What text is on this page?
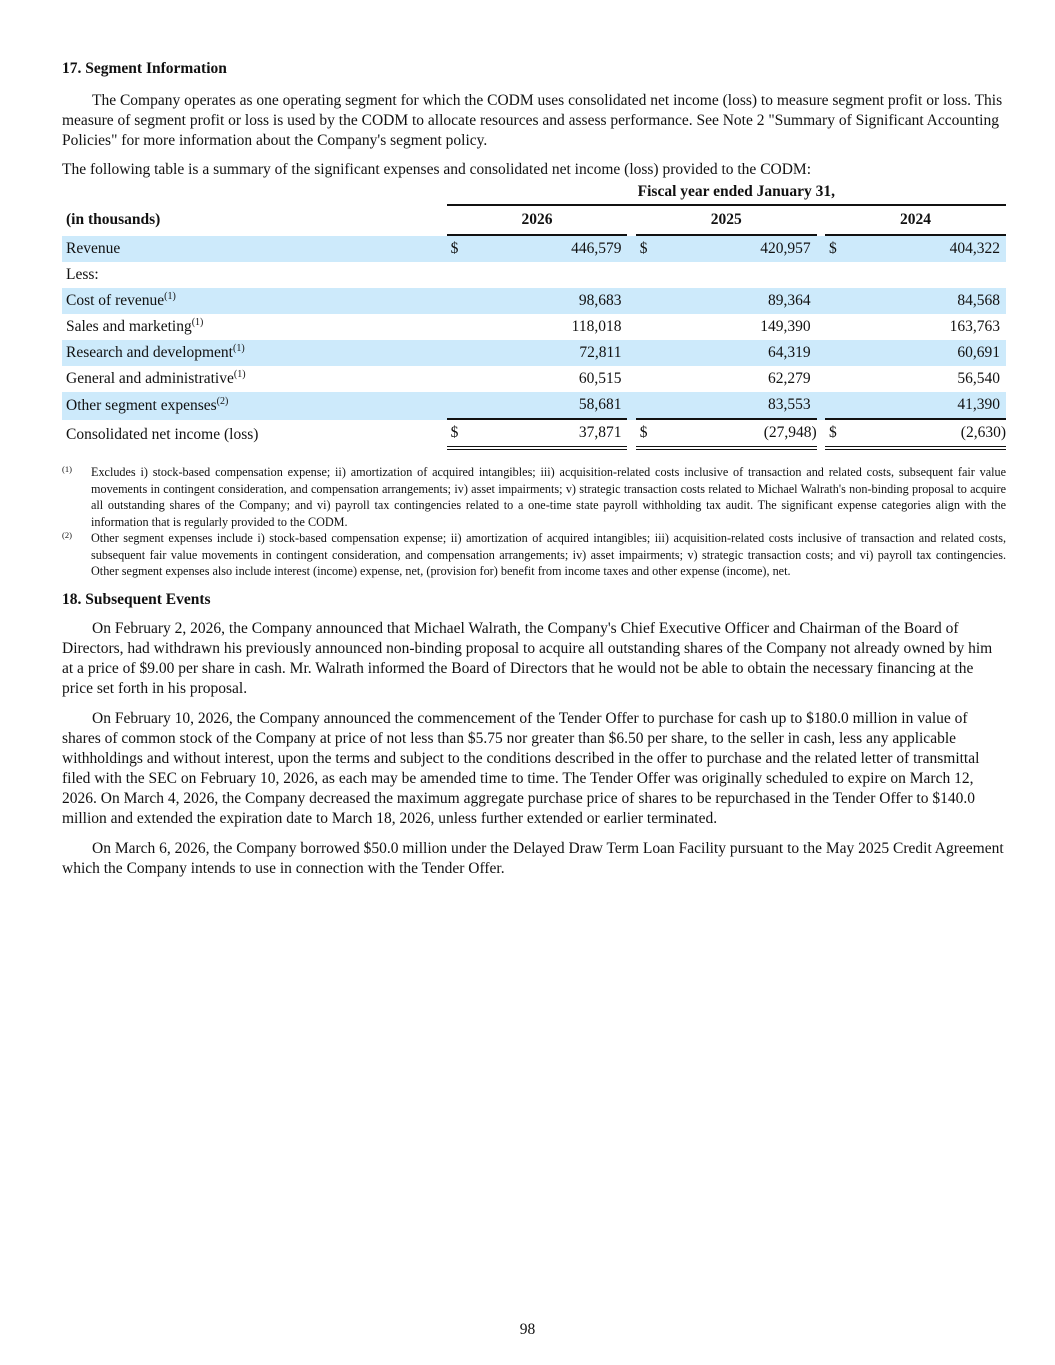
17. Segment Information

The Company operates as one operating segment for which the CODM uses consolidated net income (loss) to measure segment profit or loss. This measure of segment profit or loss is used by the CODM to allocate resources and assess performance. See Note 2 "Summary of Significant Accounting Policies" for more information about the Company's segment policy.

The following table is a summary of the significant expenses and consolidated net income (loss) provided to the CODM:

	Fiscal year ended January 31,							
(in thousands)	2026			2025			2024	
Revenue	$	446,579		$	420,957		$	404,322
Less:								
Cost of revenue$^{(1)}$		98,683			89,364			84,568
Sales and marketing$^{(1)}$		118,018			149,390			163,763
Research and development$^{(1)}$		72,811			64,319			60,691
General and administrative$^{(1)}$		60,515			62,279			56,540
Other segment expenses$^{(2)}$		58,681			83,553			41,390
Consolidated net income (loss)	$	37,871		$	(27,948)		$	(2,630)
(1) Excludes i) stock-based compensation expense; ii) amortization of acquired intangibles; iii) acquisition-related costs inclusive of transaction and related costs, subsequent fair value movements in contingent consideration, and compensation arrangements; iv) asset impairments; v) strategic transaction costs related to Michael Walrath's non-binding proposal to acquire all outstanding shares of the Company; and vi) payroll tax contingencies related to a one-time state payroll withholding tax audit. The significant expense categories align with the information that is regularly provided to the CODM.
(2) Other segment expenses include i) stock-based compensation expense; ii) amortization of acquired intangibles; iii) acquisition-related costs inclusive of transaction and related costs, subsequent fair value movements in contingent consideration, and compensation arrangements; iv) asset impairments; v) strategic transaction costs; and vi) payroll tax contingencies. Other segment expenses also include interest (income) expense, net, (provision for) benefit from income taxes and other expense (income), net.
18. Subsequent Events

On February 2, 2026, the Company announced that Michael Walrath, the Company's Chief Executive Officer and Chairman of the Board of Directors, had withdrawn his previously announced non-binding proposal to acquire all outstanding shares of the Company not already owned by him at a price of $9.00 per share in cash. Mr. Walrath informed the Board of Directors that he would not be able to obtain the necessary financing at the price set forth in his proposal.

On February 10, 2026, the Company announced the commencement of the Tender Offer to purchase for cash up to $180.0 million in value of shares of common stock of the Company at price of not less than $5.75 nor greater than $6.50 per share, to the seller in cash, less any applicable withholdings and without interest, upon the terms and subject to the conditions described in the offer to purchase and the related letter of transmittal filed with the SEC on February 10, 2026, as each may be amended time to time. The Tender Offer was originally scheduled to expire on March 12, 2026. On March 4, 2026, the Company decreased the maximum aggregate purchase price of shares to be repurchased in the Tender Offer to $140.0 million and extended the expiration date to March 18, 2026, unless further extended or earlier terminated.

On March 6, 2026, the Company borrowed $50.0 million under the Delayed Draw Term Loan Facility pursuant to the May 2025 Credit Agreement which the Company intends to use in connection with the Tender Offer.

98
